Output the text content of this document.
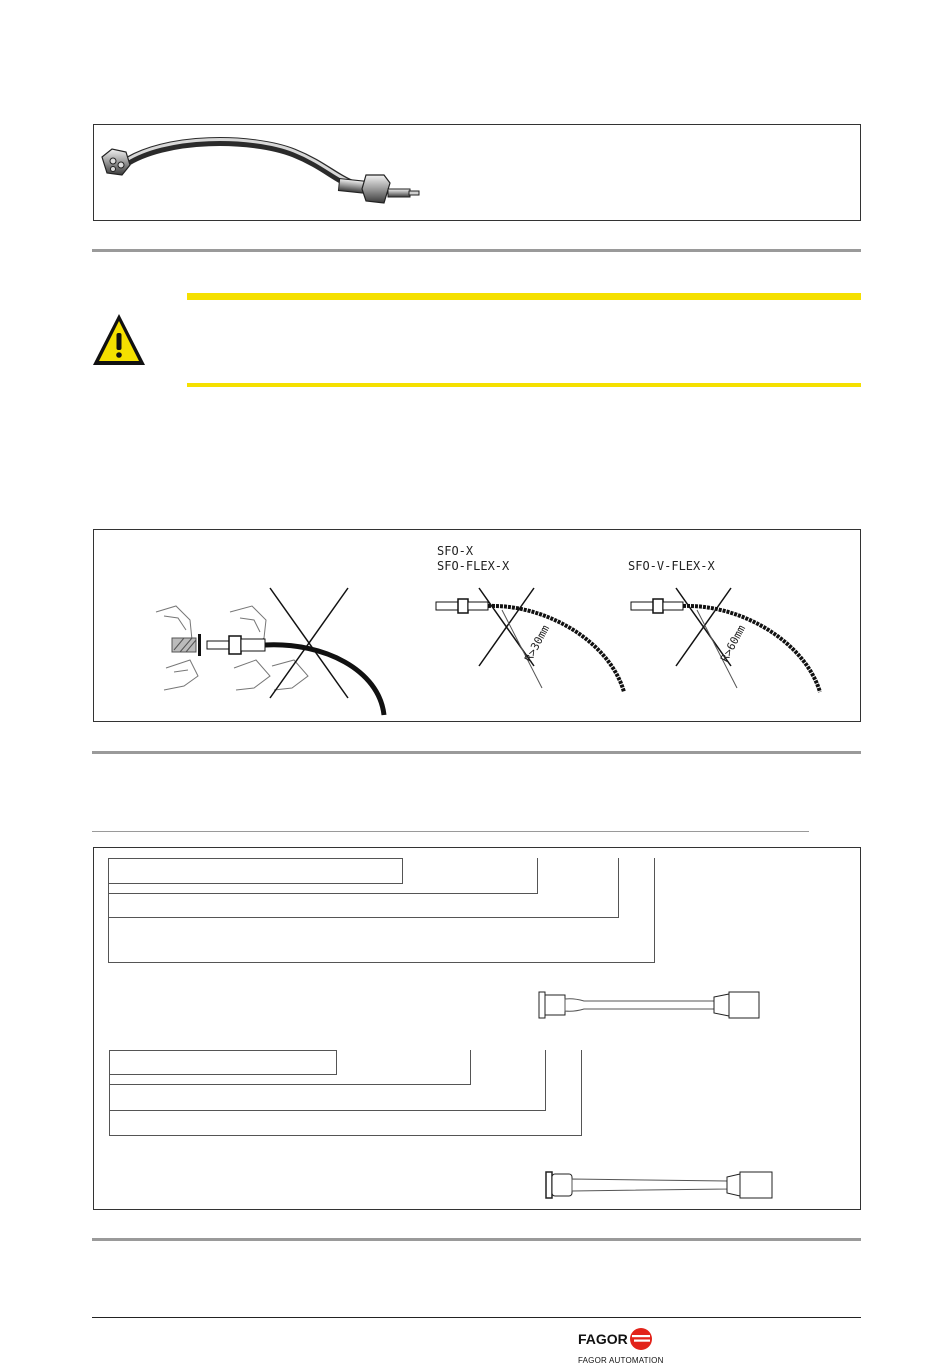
SFO-X
SFO-FLEX-X	SFO-V-FLEX-X
R>30mm	R>60mm
FAGOR
FAGOR AUTOMATION
